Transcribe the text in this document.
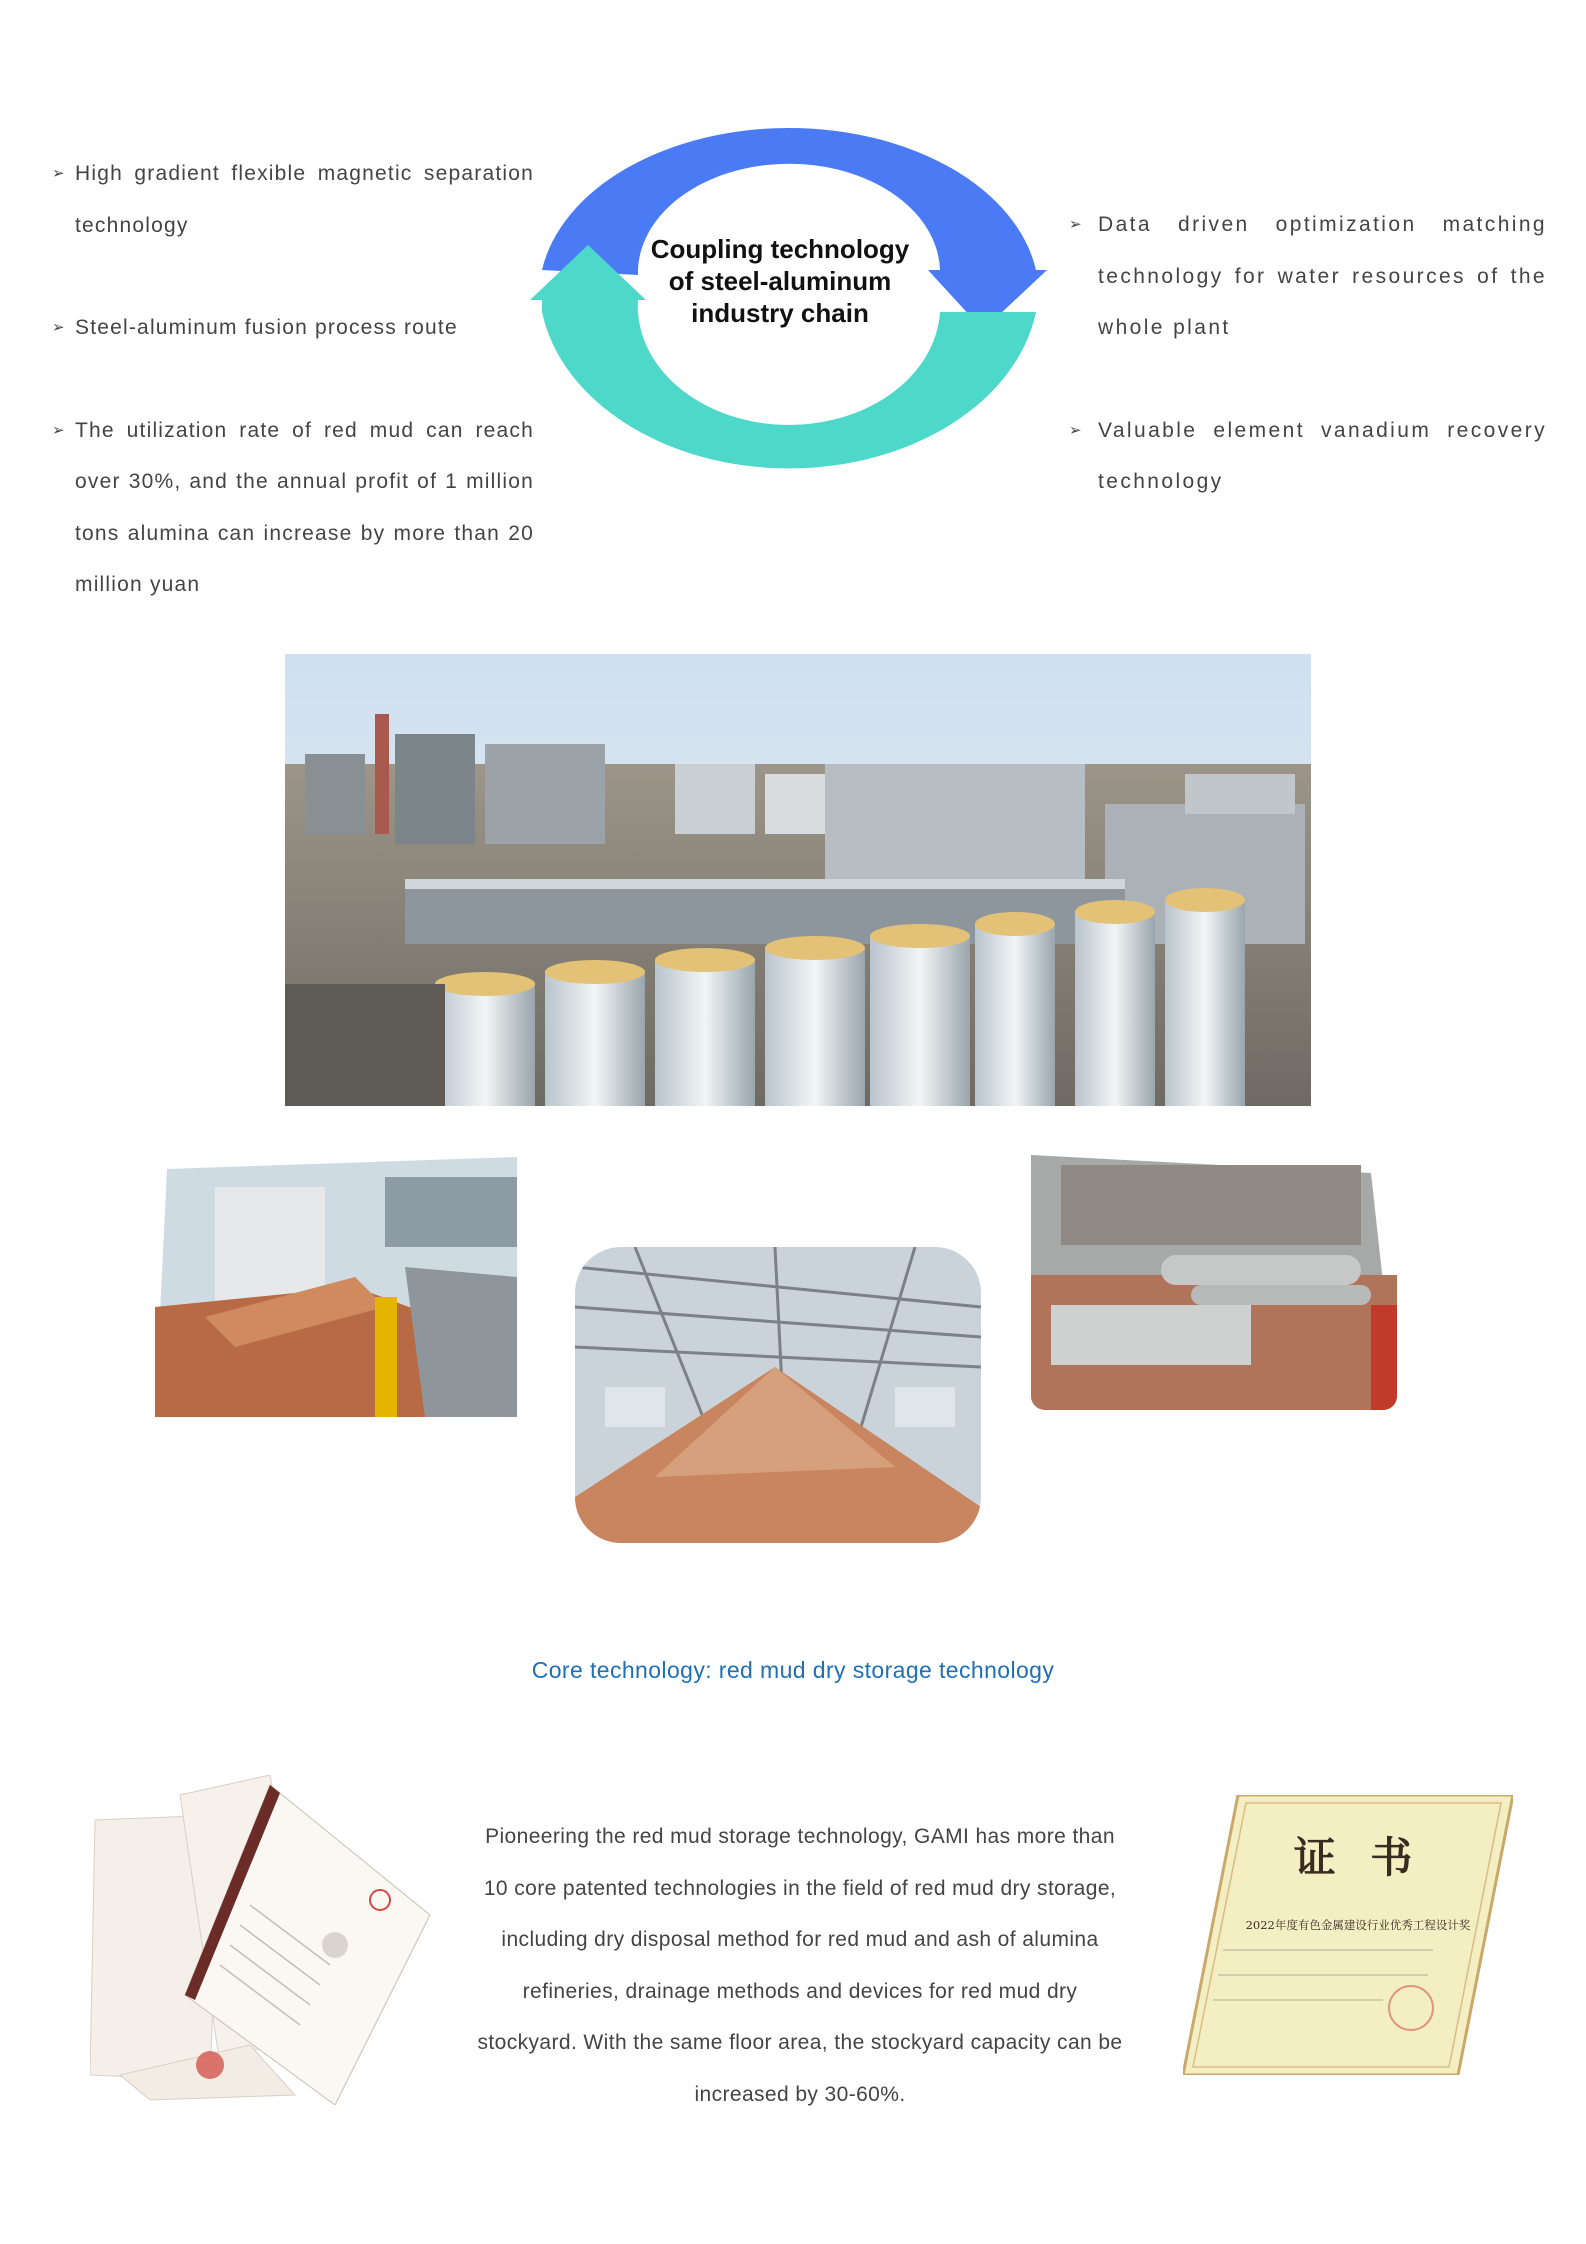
➢ High gradient flexible magnetic separation technology
➢ Steel-aluminum fusion process route
➢ The utilization rate of red mud can reach over 30%, and the annual profit of 1 million tons alumina can increase by more than 20 million yuan
Coupling technology of steel-aluminum industry chain
➢ Data driven optimization matching technology for water resources of the whole plant
➢ Valuable element vanadium recovery technology
Core technology: red mud dry storage technology
Pioneering the red mud storage technology, GAMI has more than 10 core patented technologies in the field of red mud dry storage, including dry disposal method for red mud and ash of alumina refineries, drainage methods and devices for red mud dry stockyard. With the same floor area, the stockyard capacity can be increased by 30-60%.
证 书
2022年度有色金属建设行业优秀工程设计奖
